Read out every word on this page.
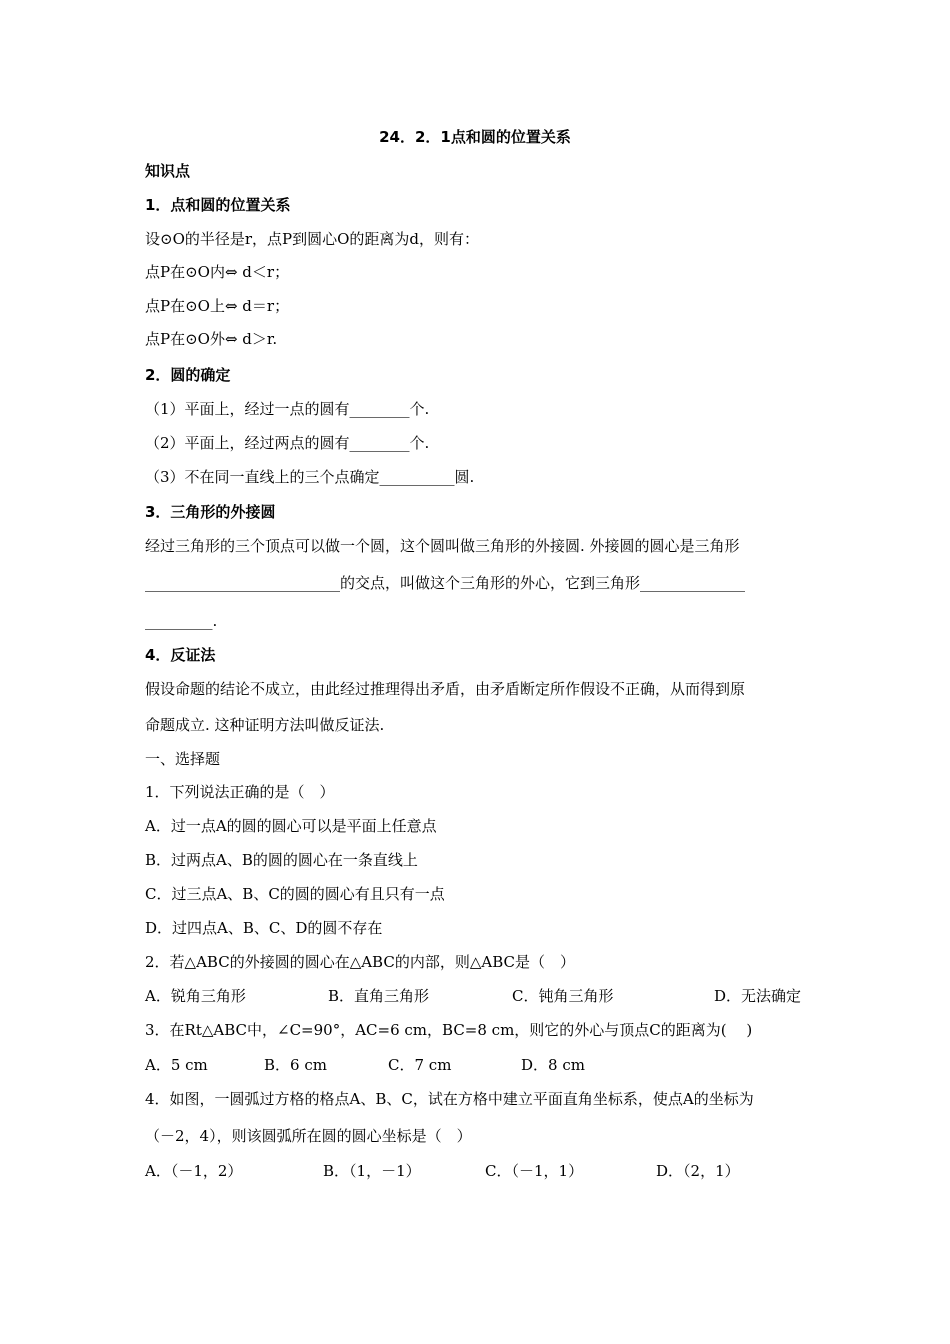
24．2．1点和圆的位置关系
知识点
1．点和圆的位置关系
设⊙O的半径是r，点P到圆心O的距离为d，则有：
点P在⊙O内⇔ d＜r；
点P在⊙O上⇔ d＝r；
点P在⊙O外⇔ d＞r.
2．圆的确定
（1）平面上，经过一点的圆有________个.
（2）平面上，经过两点的圆有________个.
（3）不在同一直线上的三个点确定__________圆.
3．三角形的外接圆
经过三角形的三个顶点可以做一个圆，这个圆叫做三角形的外接圆. 外接圆的圆心是三角形
__________________________的交点，叫做这个三角形的外心，它到三角形______________
_________.
4．反证法
假设命题的结论不成立，由此经过推理得出矛盾，由矛盾断定所作假设不正确，从而得到原
命题成立. 这种证明方法叫做反证法.
一、选择题
1．下列说法正确的是（　）
A．过一点A的圆的圆心可以是平面上任意点
B．过两点A、B的圆的圆心在一条直线上
C．过三点A、B、C的圆的圆心有且只有一点
D．过四点A、B、C、D的圆不存在
2．若△ABC的外接圆的圆心在△ABC的内部，则△ABC是（　）
A．锐角三角形	B．直角三角形	C．钝角三角形	D．无法确定
3．在Rt△ABC中，∠C=90°，AC=6 cm，BC=8 cm，则它的外心与顶点C的距离为(　 )
A．5 cm	B．6 cm	C．7 cm	D．8 cm
4．如图，一圆弧过方格的格点A、B、C，试在方格中建立平面直角坐标系，使点A的坐标为
（－2，4），则该圆弧所在圆的圆心坐标是（　）
A．（－1，2）	B．（1，－1）	C．（－1，1）	D．（2，1）
